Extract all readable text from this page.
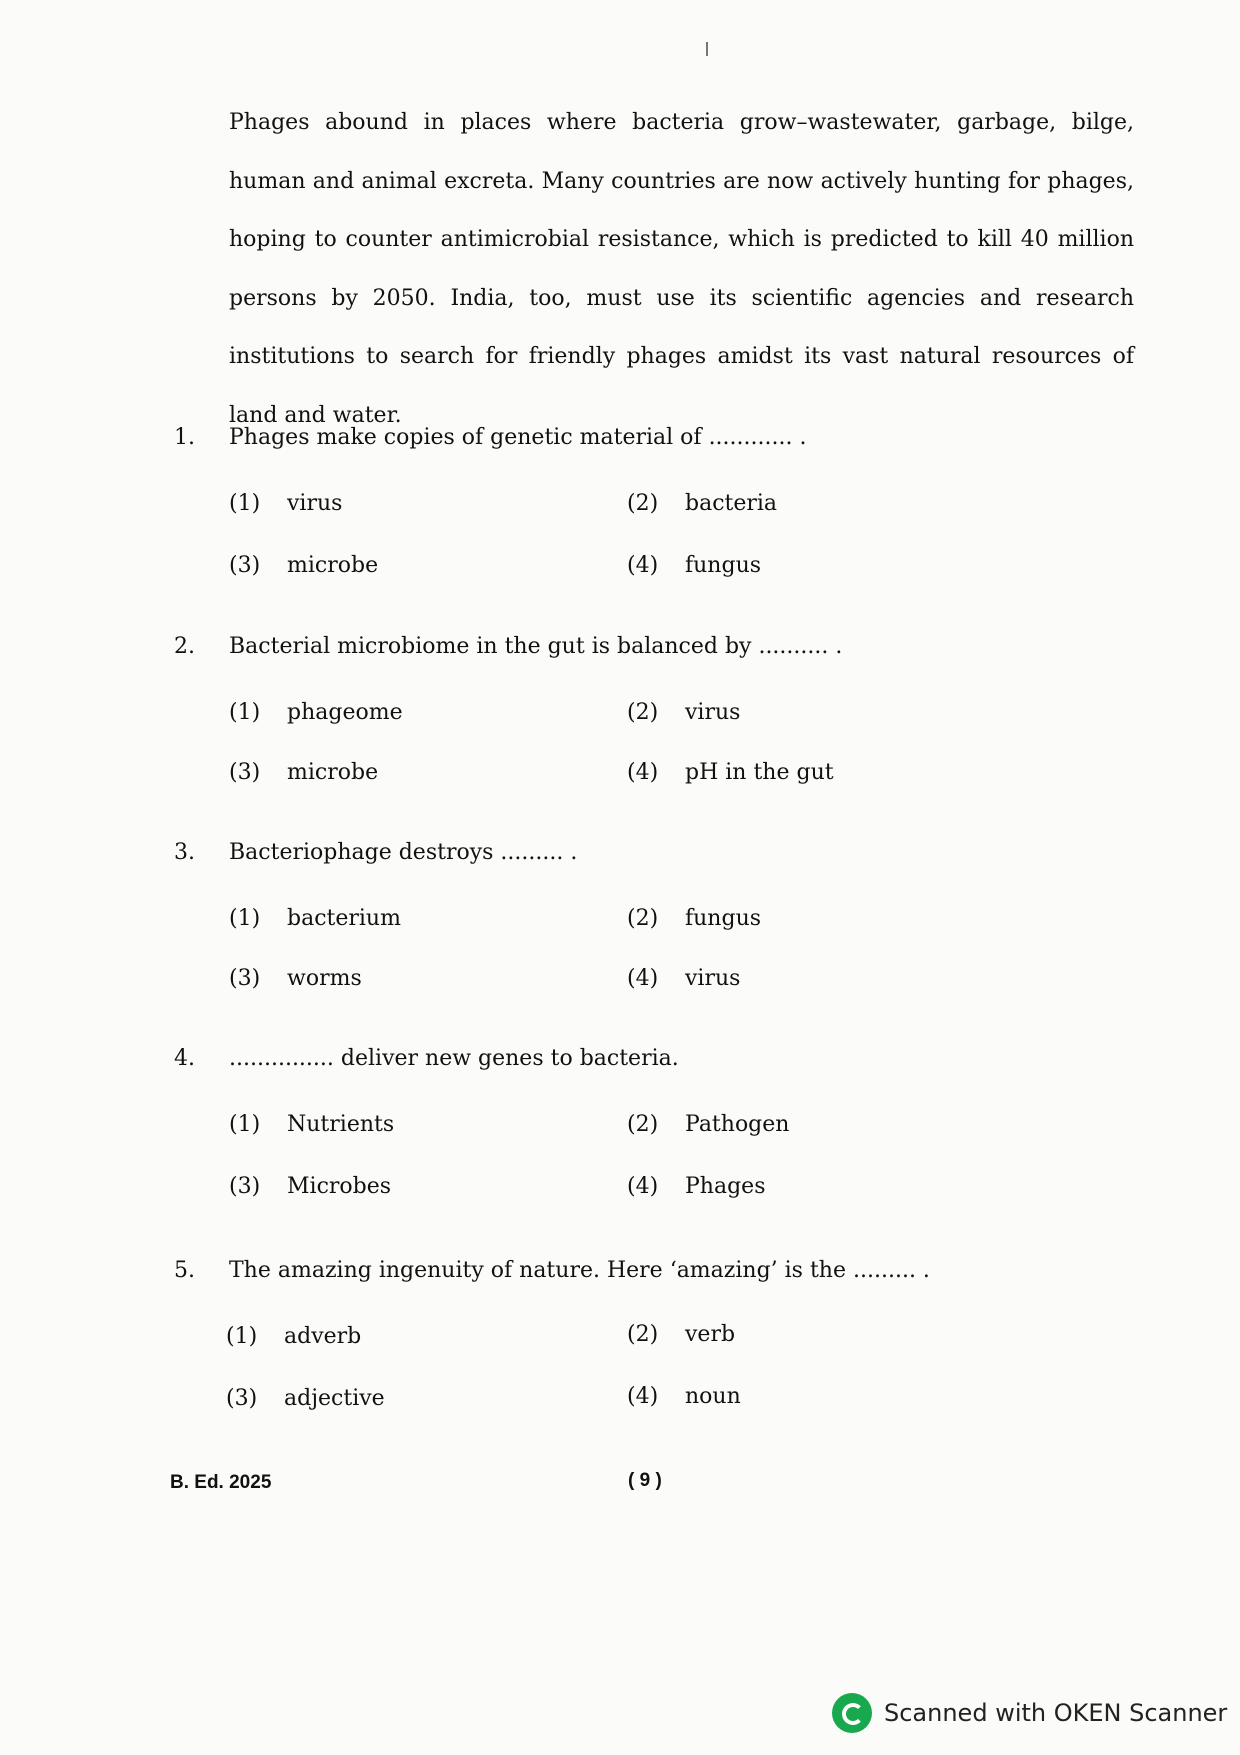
Phages abound in places where bacteria grow–wastewater, garbage, bilge, human and animal excreta. Many countries are now actively hunting for phages, hoping to counter antimicrobial resistance, which is predicted to kill 40 million persons by 2050. India, too, must use its scientific agencies and research institutions to search for friendly phages amidst its vast natural resources of land and water.

1. Phages make copies of genetic material of ............ .
(1) virus	(2) bacteria
(3) microbe	(4) fungus
2. Bacterial microbiome in the gut is balanced by .......... .
(1) phageome	(2) virus
(3) microbe	(4) pH in the gut
3. Bacteriophage destroys ......... .
(1) bacterium	(2) fungus
(3) worms	(4) virus
4. ............... deliver new genes to bacteria.
(1) Nutrients	(2) Pathogen
(3) Microbes	(4) Phages
5. The amazing ingenuity of nature. Here ‘amazing’ is the ......... .
(1) adverb	(2) verb
(3) adjective	(4) noun
B. Ed. 2025	( 9 )
Scanned with OKEN Scanner
